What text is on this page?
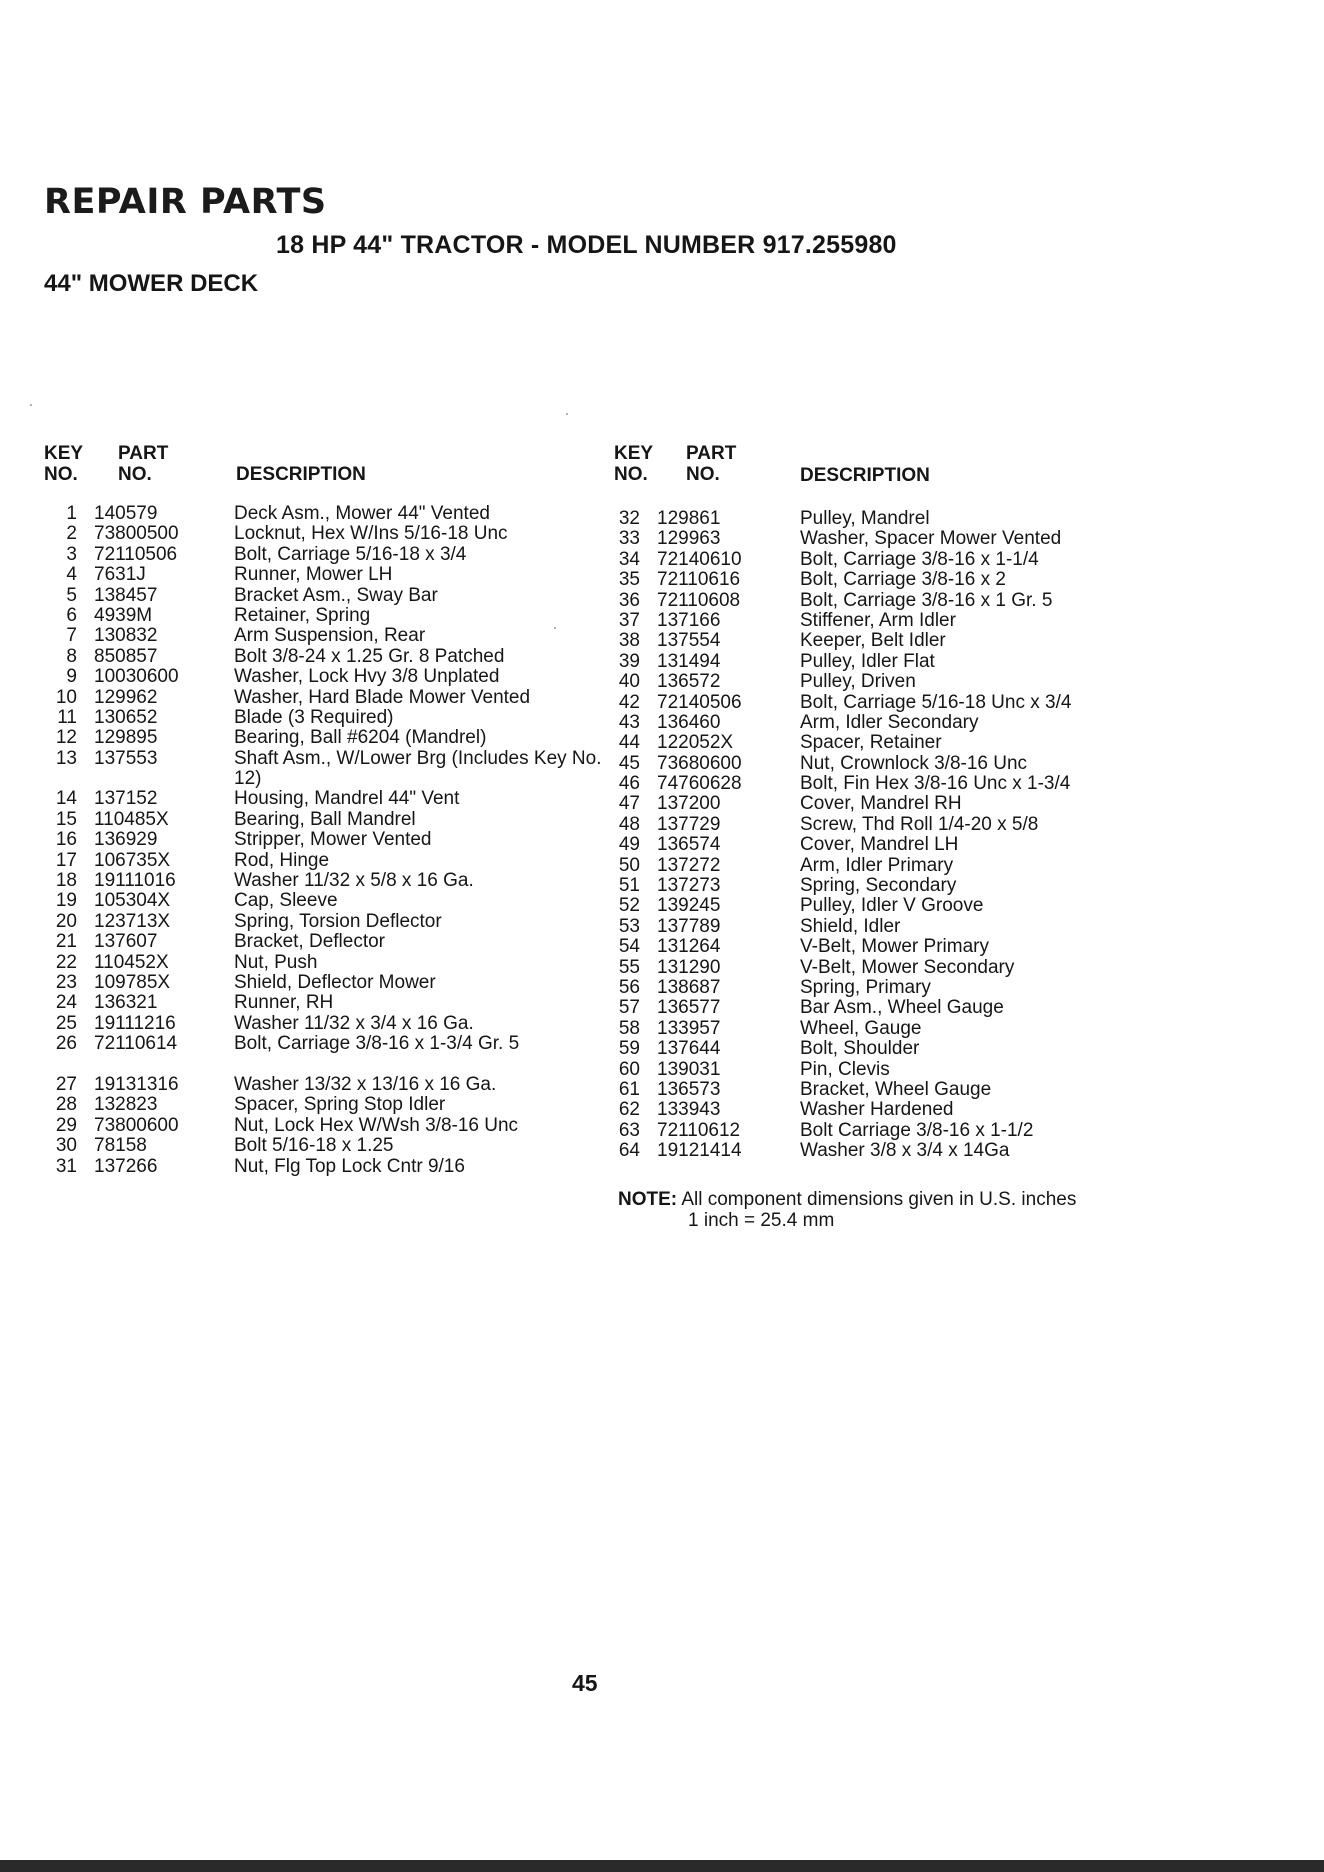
REPAIR PARTS
18 HP 44" TRACTOR - MODEL NUMBER 917.255980
44" MOWER DECK
KEY
NO.
PART
NO.	DESCRIPTION
KEY
NO.
PART
NO.	DESCRIPTION
1 140579	Deck Asm., Mower 44" Vented
2 73800500	Locknut, Hex W/Ins 5/16-18 Unc
3 72110506	Bolt, Carriage 5/16-18 x 3/4
4 7631J	Runner, Mower LH
5 138457	Bracket Asm., Sway Bar
6 4939M	Retainer, Spring
7 130832	Arm Suspension, Rear
8 850857	Bolt 3/8-24 x 1.25 Gr. 8 Patched
9 10030600	Washer, Lock Hvy 3/8 Unplated
10 129962	Washer, Hard Blade Mower Vented
11 130652	Blade (3 Required)
12 129895	Bearing, Ball #6204 (Mandrel)
13 137553	Shaft Asm., W/Lower Brg (Includes Key No. 12)
14 137152	Housing, Mandrel 44" Vent
15 110485X	Bearing, Ball Mandrel
16 136929	Stripper, Mower Vented
17 106735X	Rod, Hinge
18 19111016	Washer 11/32 x 5/8 x 16 Ga.
19 105304X	Cap, Sleeve
20 123713X	Spring, Torsion Deflector
21 137607	Bracket, Deflector
22 110452X	Nut, Push
23 109785X	Shield, Deflector Mower
24 136321	Runner, RH
25 19111216	Washer 11/32 x 3/4 x 16 Ga.
26 72110614	Bolt, Carriage 3/8-16 x 1-3/4 Gr. 5
27 19131316	Washer 13/32 x 13/16 x 16 Ga.
28 132823	Spacer, Spring Stop Idler
29 73800600	Nut, Lock Hex W/Wsh 3/8-16 Unc
30 78158	Bolt 5/16-18 x 1.25
31 137266	Nut, Flg Top Lock Cntr 9/16
32 129861	Pulley, Mandrel
33 129963	Washer, Spacer Mower Vented
34 72140610	Bolt, Carriage 3/8-16 x 1-1/4
35 72110616	Bolt, Carriage 3/8-16 x 2
36 72110608	Bolt, Carriage 3/8-16 x 1 Gr. 5
37 137166	Stiffener, Arm Idler
38 137554	Keeper, Belt Idler
39 131494	Pulley, Idler Flat
40 136572	Pulley, Driven
42 72140506	Bolt, Carriage 5/16-18 Unc x 3/4
43 136460	Arm, Idler Secondary
44 122052X	Spacer, Retainer
45 73680600	Nut, Crownlock 3/8-16 Unc
46 74760628	Bolt, Fin Hex 3/8-16 Unc x 1-3/4
47 137200	Cover, Mandrel RH
48 137729	Screw, Thd Roll 1/4-20 x 5/8
49 136574	Cover, Mandrel LH
50 137272	Arm, Idler Primary
51 137273	Spring, Secondary
52 139245	Pulley, Idler V Groove
53 137789	Shield, Idler
54 131264	V-Belt, Mower Primary
55 131290	V-Belt, Mower Secondary
56 138687	Spring, Primary
57 136577	Bar Asm., Wheel Gauge
58 133957	Wheel, Gauge
59 137644	Bolt, Shoulder
60 139031	Pin, Clevis
61 136573	Bracket, Wheel Gauge
62 133943	Washer Hardened
63 72110612	Bolt Carriage 3/8-16 x 1-1/2
64 19121414	Washer 3/8 x 3/4 x 14Ga
NOTE: All component dimensions given in U.S. inches
1 inch = 25.4 mm
45
